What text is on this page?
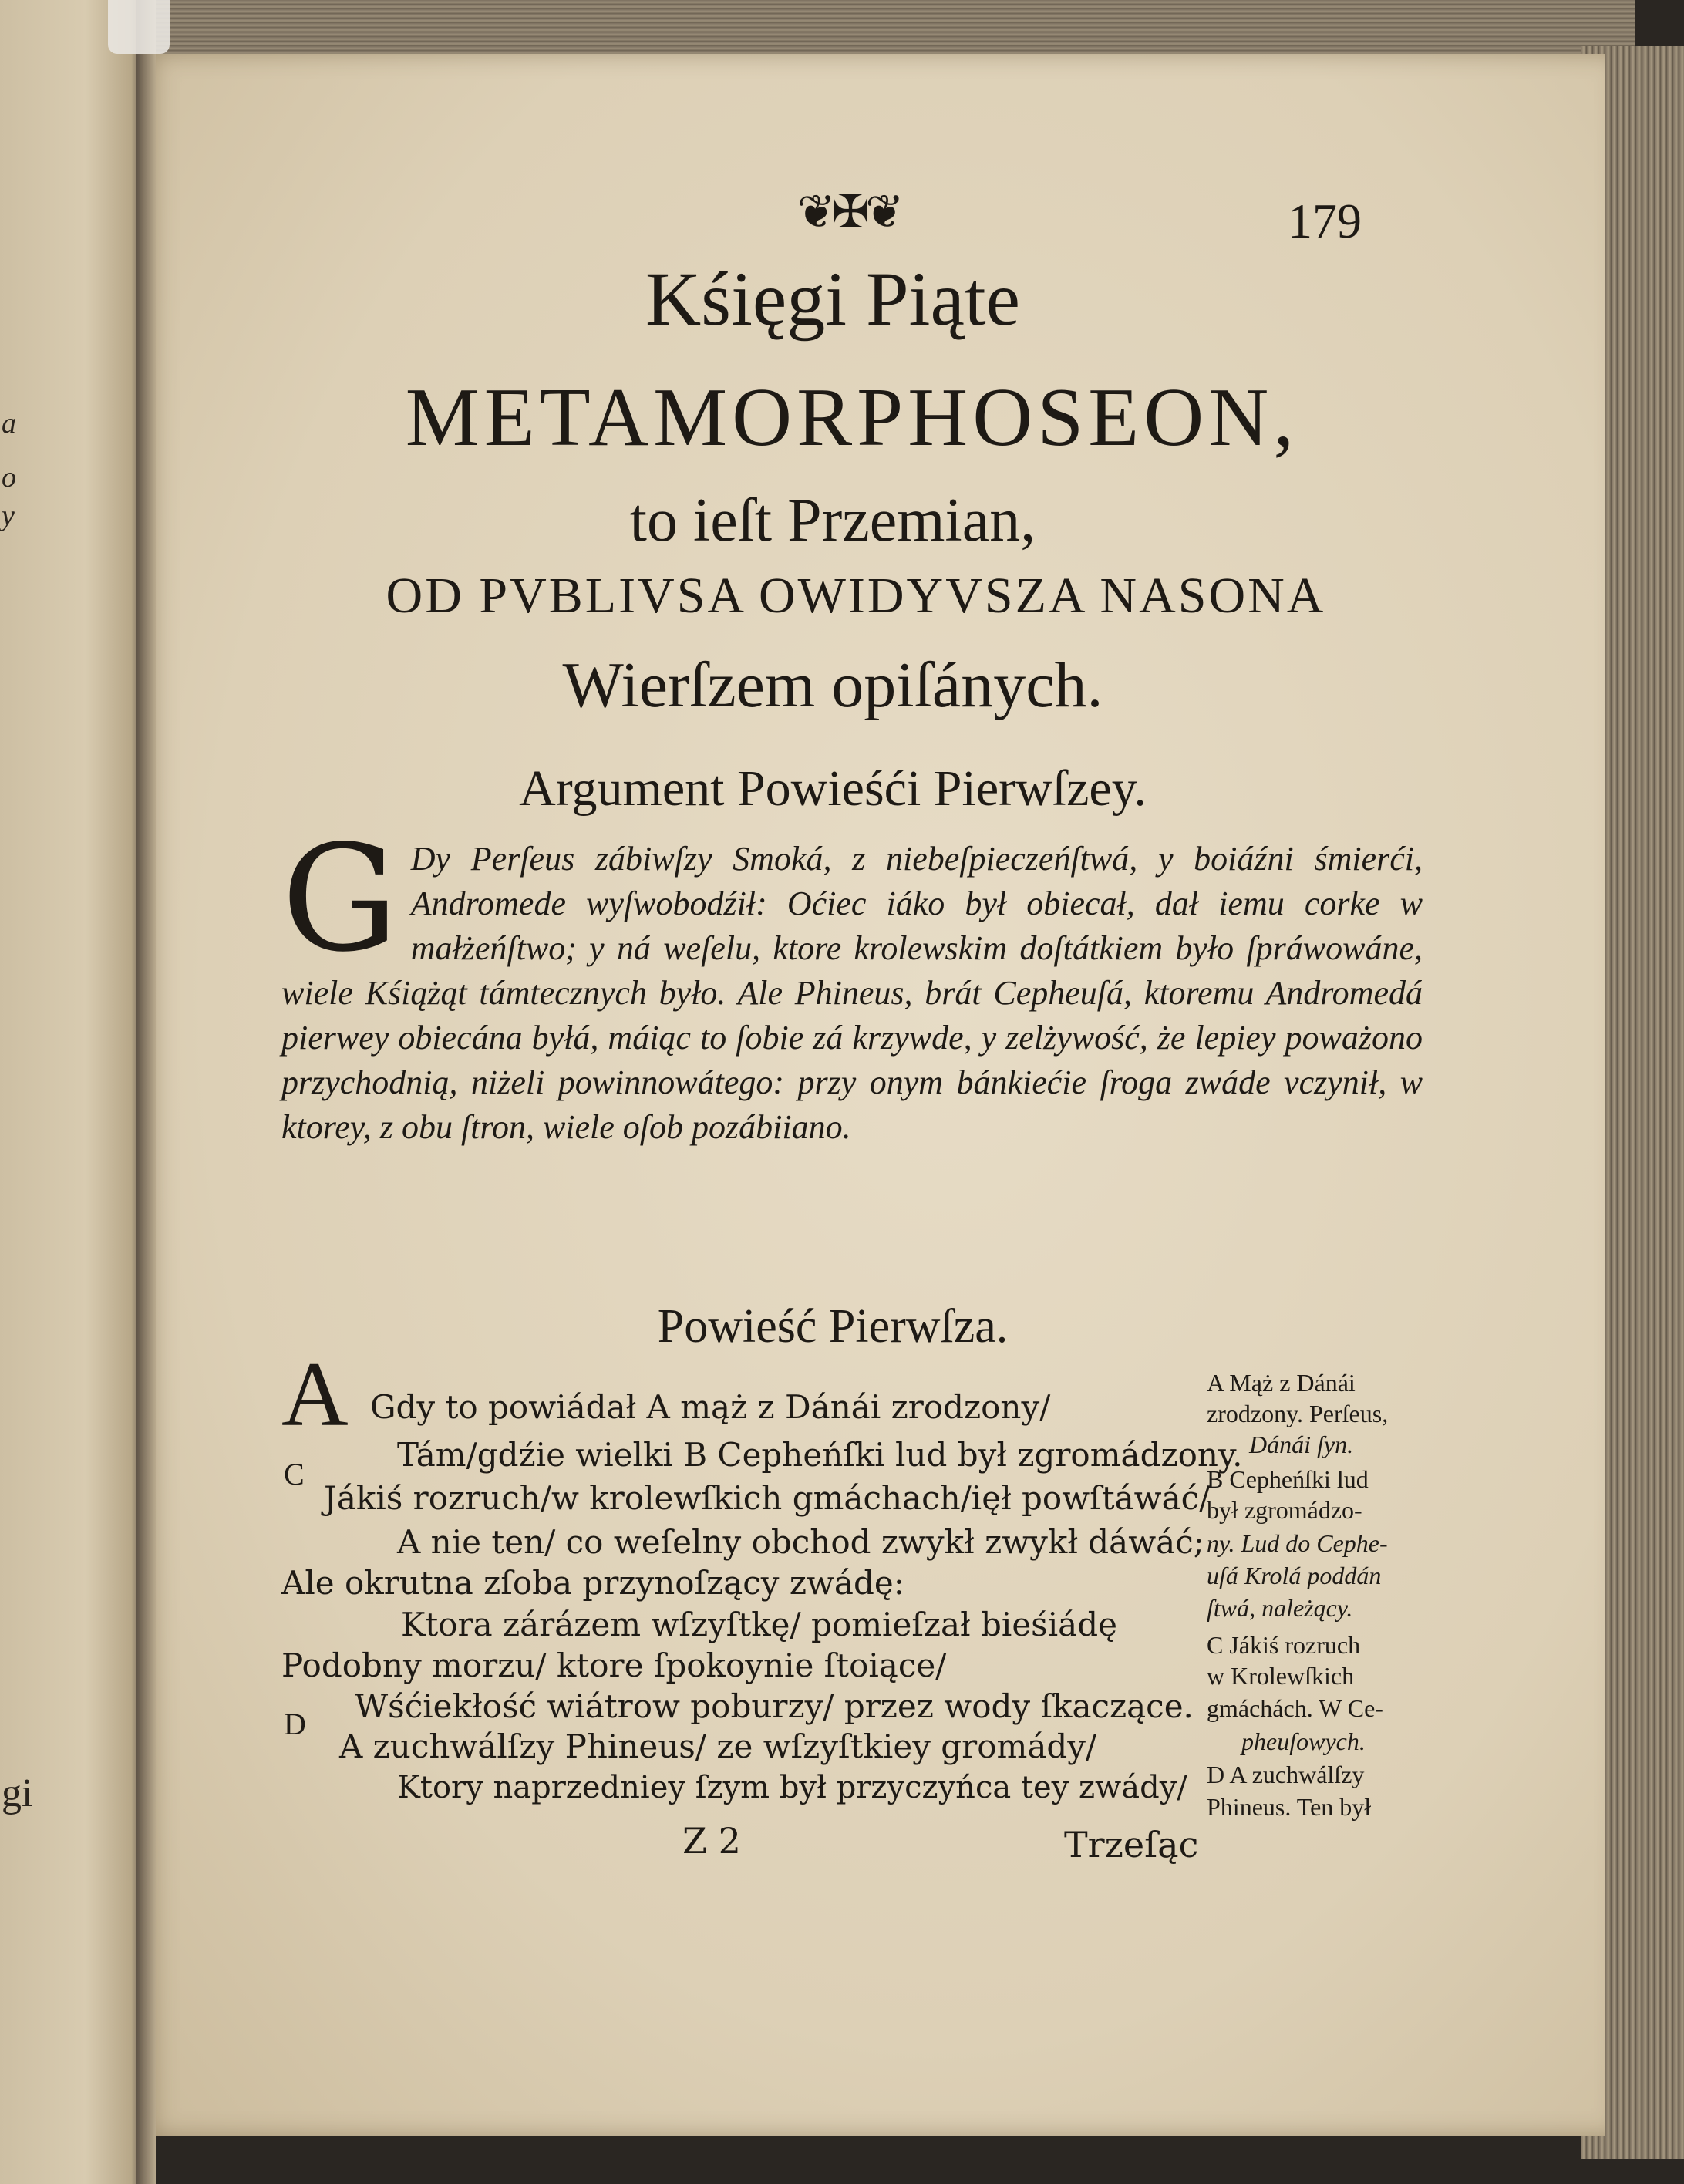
a
o
y
gi
❦✠❦	179
Kśięgi Piąte
METAMORPHOSEON,
to ieſt Przemian,
OD PVBLIVSA OWIDYVSZA NASONA
Wierſzem opiſánych.
Argument Powieśći Pierwſzey.
G Dy Perſeus zábiwſzy Smoká, z niebeſpieczeńſtwá, y boiáźni śmierći, Andromede wyſwobodźił: Oćiec iáko był obiecał, dał iemu corke w małżeńſtwo; y ná weſelu, ktore krolewskim doſtátkiem było ſpráwowáne, wiele Kśiążąt támtecznych było. Ale Phineus, brát Cepheuſá, ktoremu Andromedá pierwey obiecána byłá, máiąc to ſobie zá krzywde, y zelżywość, że lepiey poważono przychodnią, niżeli powinnowátego: przy onym bánkiećie ſroga zwáde vczynił, w ktorey, z obu ſtron, wiele oſob pozábiiano.
Powieść Pierwſza.
A Gdy to powiádał A mąż z Dánái zrodzony/
Tám/gdźie wielki B Cepheńſki lud był zgromádzony.
C
Jákiś rozruch/w krolewſkich gmáchach/ięł powſtáwáć/
A nie ten/ co weſelny obchod zwykł zwykł dáwáć;
Ale okrutna zſoba przynoſzący zwádę:
Ktora zárázem wſzyſtkę/ pomieſzał bieśiádę
Podobny morzu/ ktore ſpokoynie ſtoiące/
Wśćiekłość wiátrow poburzy/ przez wody ſkaczące.
D
A zuchwálſzy Phineus/ ze wſzyſtkiey gromády/
Ktory naprzedniey ſzym był przyczyńca tey zwády/
Z 2	Trzeſąc
A Mąż z Dánái
zrodzony. Perſeus,
Dánái ſyn.
B Cepheńſki lud
był zgromádzo-
ny. Lud do Cephe-
uſá Krolá poddán
ſtwá, należący.
C Jákiś rozruch
w Krolewſkich
gmáchách. W Ce-
pheuſowych.
D A zuchwálſzy
Phineus. Ten był
